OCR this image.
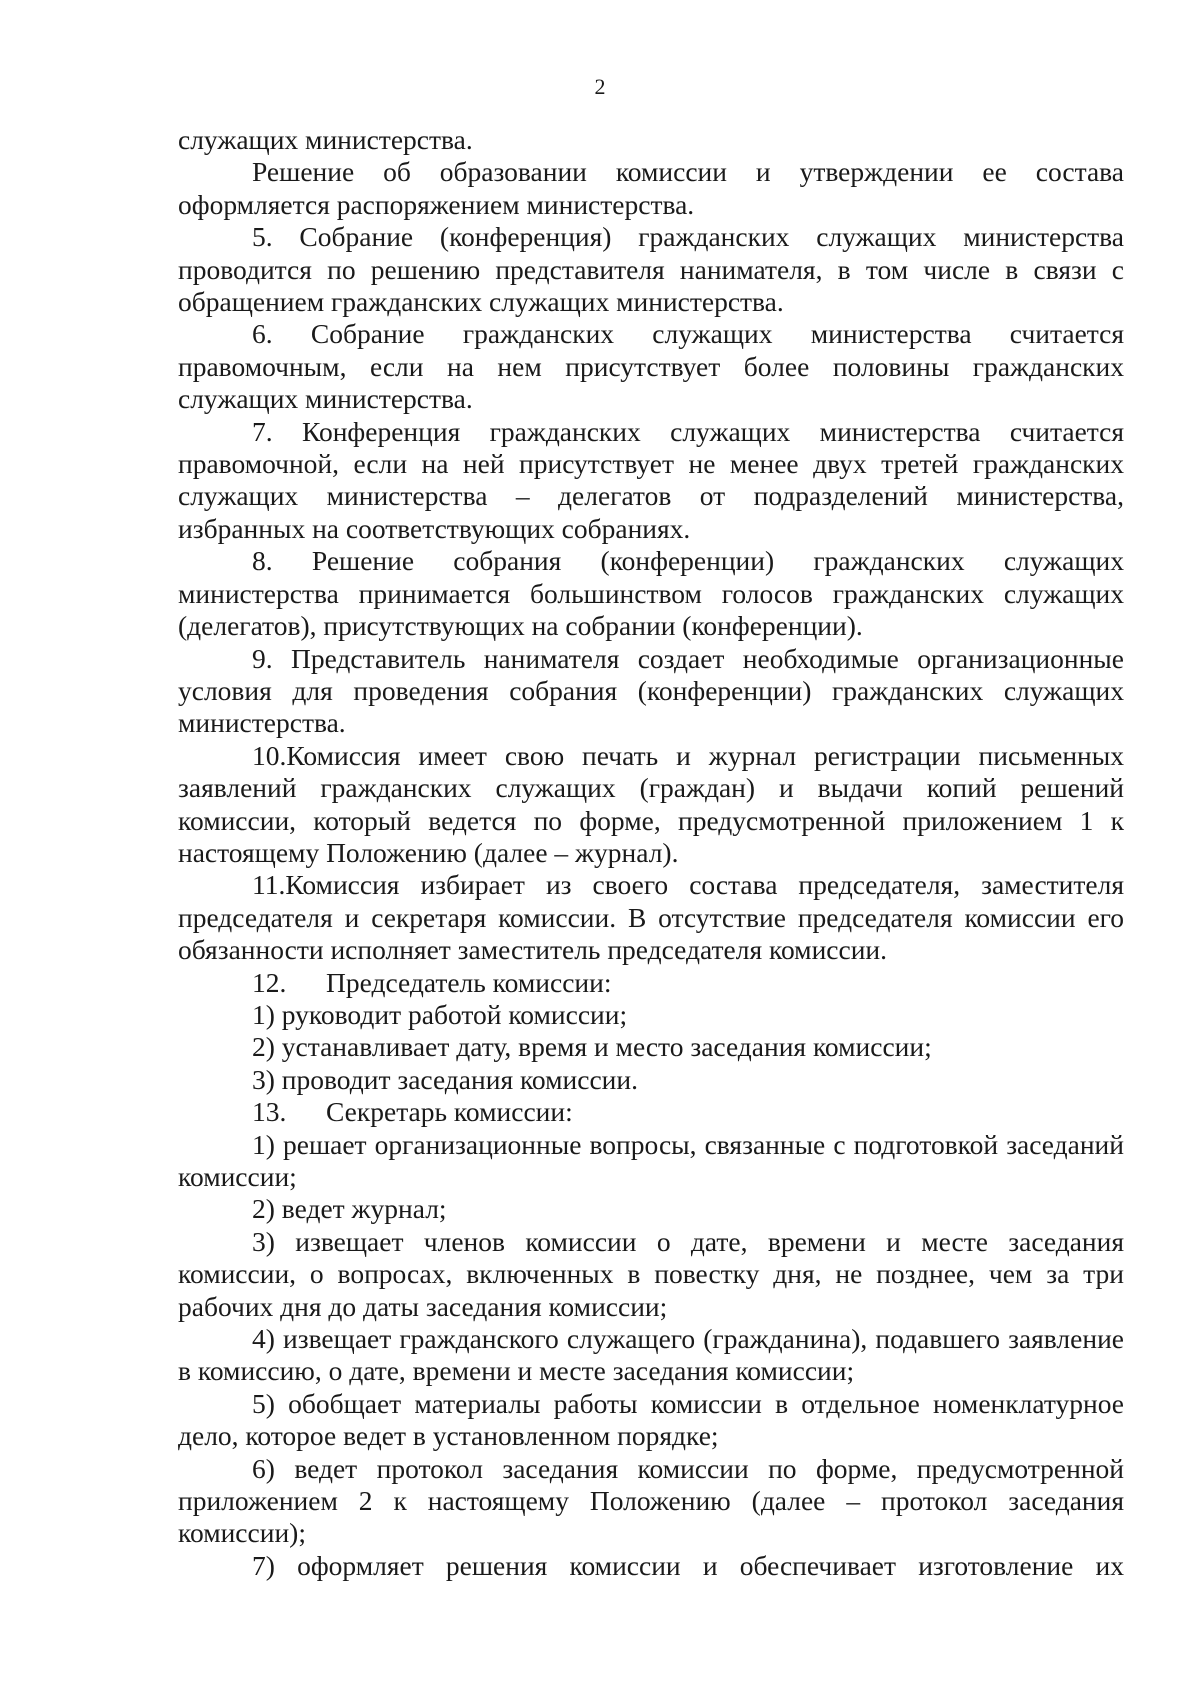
2

служащих министерства.

Решение об образовании комиссии и утверждении ее состава оформляется распоряжением министерства.

5. Собрание (конференция) гражданских служащих министерства проводится по решению представителя нанимателя, в том числе в связи с обращением гражданских служащих министерства.

6. Собрание гражданских служащих министерства считается правомочным, если на нем присутствует более половины гражданских служащих министерства.

7. Конференция гражданских служащих министерства считается правомочной, если на ней присутствует не менее двух третей гражданских служащих министерства – делегатов от подразделений министерства, избранных на соответствующих собраниях.

8. Решение собрания (конференции) гражданских служащих министерства принимается большинством голосов гражданских служащих (делегатов), присутствующих на собрании (конференции).

9. Представитель нанимателя создает необходимые организационные условия для проведения собрания (конференции) гражданских служащих министерства.

10.Комиссия имеет свою печать и журнал регистрации письменных заявлений гражданских служащих (граждан) и выдачи копий решений комиссии, который ведется по форме, предусмотренной приложением 1 к настоящему Положению (далее – журнал).

11.Комиссия избирает из своего состава председателя, заместителя председателя и секретаря комиссии. В отсутствие председателя комиссии его обязанности исполняет заместитель председателя комиссии.

12. Председатель комиссии:

1) руководит работой комиссии;

2) устанавливает дату, время и место заседания комиссии;

3) проводит заседания комиссии.

13. Секретарь комиссии:

1) решает организационные вопросы, связанные с подготовкой заседаний комиссии;

2) ведет журнал;

3) извещает членов комиссии о дате, времени и месте заседания комиссии, о вопросах, включенных в повестку дня, не позднее, чем за три рабочих дня до даты заседания комиссии;

4) извещает гражданского служащего (гражданина), подавшего заявление в комиссию, о дате, времени и месте заседания комиссии;

5) обобщает материалы работы комиссии в отдельное номенклатурное дело, которое ведет в установленном порядке;

6) ведет протокол заседания комиссии по форме, предусмотренной приложением 2 к настоящему Положению (далее – протокол заседания комиссии);

7) оформляет решения комиссии и обеспечивает изготовление их
